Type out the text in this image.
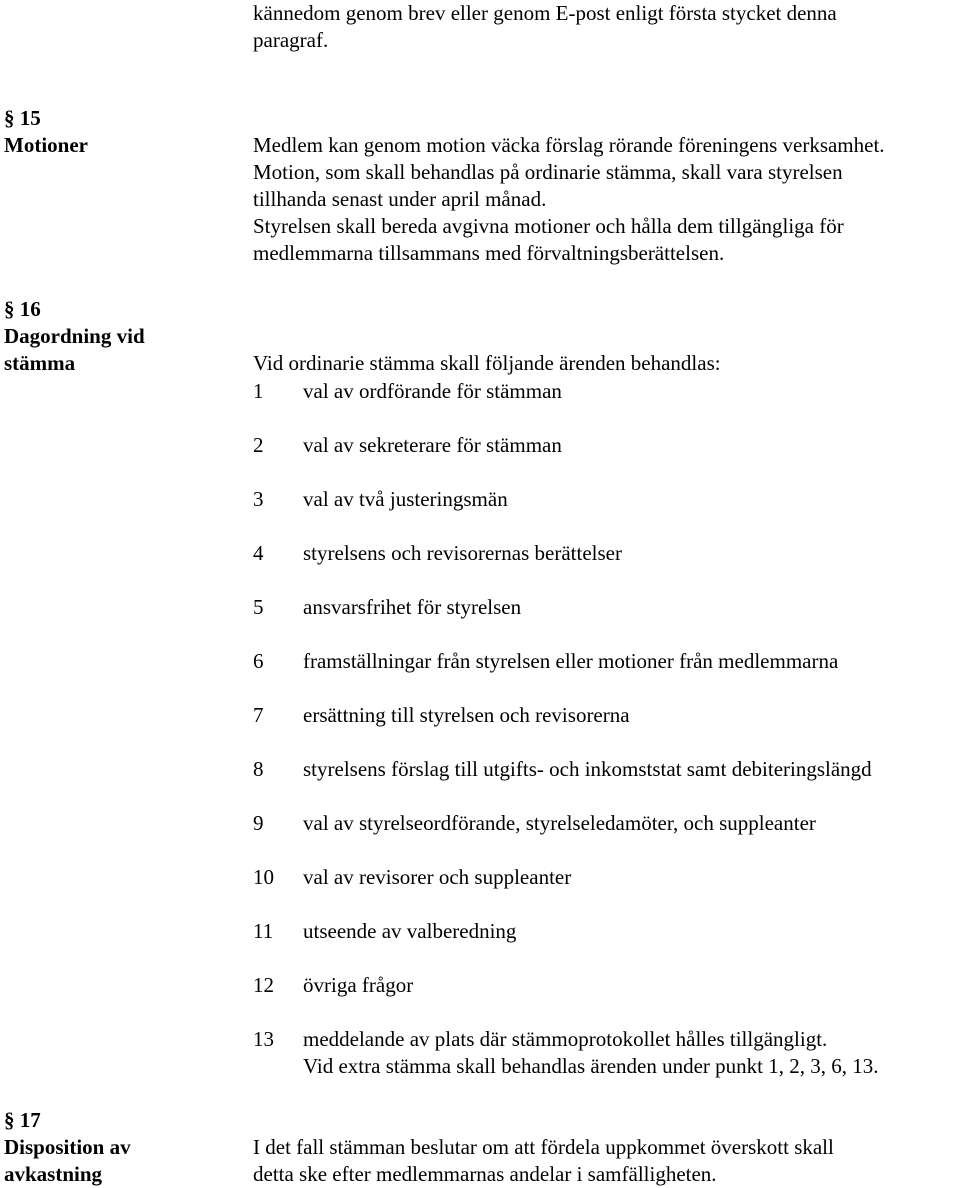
kännedom genom brev eller genom E-post enligt första stycket denna
paragraf.
§ 15
Motioner	Medlem kan genom motion väcka förslag rörande föreningens verksamhet.
Motion, som skall behandlas på ordinarie stämma, skall vara styrelsen
tillhanda senast under april månad.
Styrelsen skall bereda avgivna motioner och hålla dem tillgängliga för
medlemmarna tillsammans med förvaltningsberättelsen.
§ 16
Dagordning vid
stämma	Vid ordinarie stämma skall följande ärenden behandlas:
1 val av ordförande för stämman
2 val av sekreterare för stämman
3 val av två justeringsmän
4 styrelsens och revisorernas berättelser
5 ansvarsfrihet för styrelsen
6 framställningar från styrelsen eller motioner från medlemmarna
7 ersättning till styrelsen och revisorerna
8 styrelsens förslag till utgifts- och inkomststat samt debiteringslängd
9 val av styrelseordförande, styrelseledamöter, och suppleanter
10 val av revisorer och suppleanter
11 utseende av valberedning
12 övriga frågor
13 meddelande av plats där stämmoprotokollet hålles tillgängligt.
Vid extra stämma skall behandlas ärenden under punkt 1, 2, 3, 6, 13.
§ 17
Disposition av
avkastning
I det fall stämman beslutar om att fördela uppkommet överskott skall
detta ske efter medlemmarnas andelar i samfälligheten.
